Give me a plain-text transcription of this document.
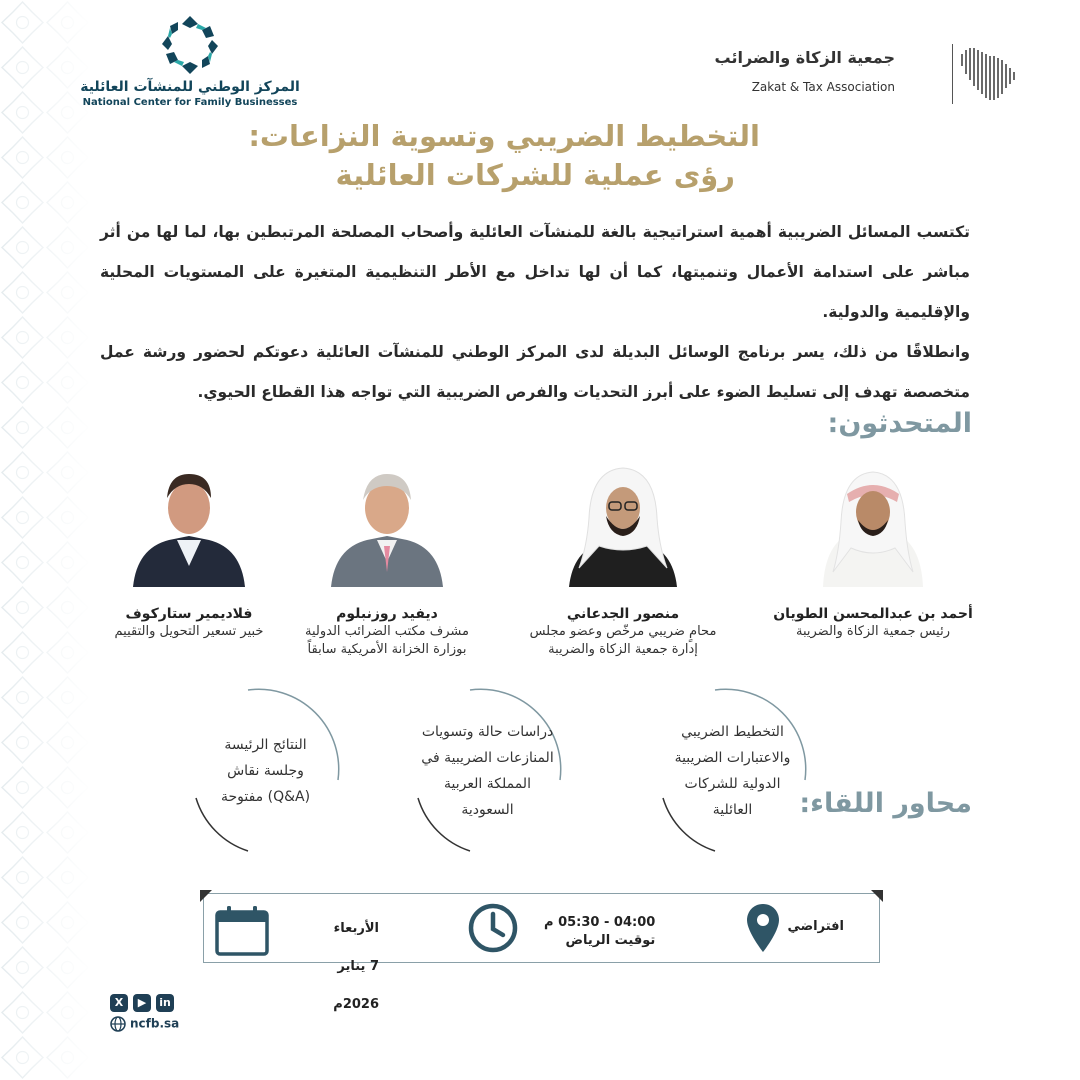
المركز الوطني للمنشآت العائلية
National Center for Family Businesses
جمعية الزكاة والضرائب
Zakat & Tax Association
التخطيط الضريبي وتسوية النزاعات:
رؤى عملية للشركات العائلية

تكتسب المسائل الضريبية أهمية استراتيجية بالغة للمنشآت العائلية وأصحاب المصلحة المرتبطين بها، لما لها من أثر مباشر على استدامة الأعمال وتنميتها، كما أن لها تداخل مع الأطر التنظيمية المتغيرة على المستويات المحلية والإقليمية والدولية.

وانطلاقًا من ذلك، يسر برنامج الوسائل البديلة لدى المركز الوطني للمنشآت العائلية دعوتكم لحضور ورشة عمل متخصصة تهدف إلى تسليط الضوء على أبرز التحديات والفرص الضريبية التي تواجه هذا القطاع الحيوي.

المتحدثون:
أحمد بن عبدالمحسن الطويان
رئيس جمعية الزكاة والضريبة
منصور الجدعاني
محامٍ ضريبي مرخّص وعضو مجلس
إدارة جمعية الزكاة والضريبة
ديفيد روزنبلوم
مشرف مكتب الضرائب الدولية
بوزارة الخزانة الأمريكية سابقاً
فلاديمير ستاركوف
خبير تسعير التحويل والتقييم
محاور اللقاء:
التخطيط الضريبي
والاعتبارات الضريبية
الدولية للشركات
العائلية
دراسات حالة وتسويات
المنازعات الضريبية في
المملكة العربية
السعودية
النتائج الرئيسة
وجلسة نقاش
(Q&A) مفتوحة
افتراضي
04:00 - 05:30 م
توقيت الرياض
الأربعاء
7 يناير 2026م
X ▶ in
ncfb.sa
